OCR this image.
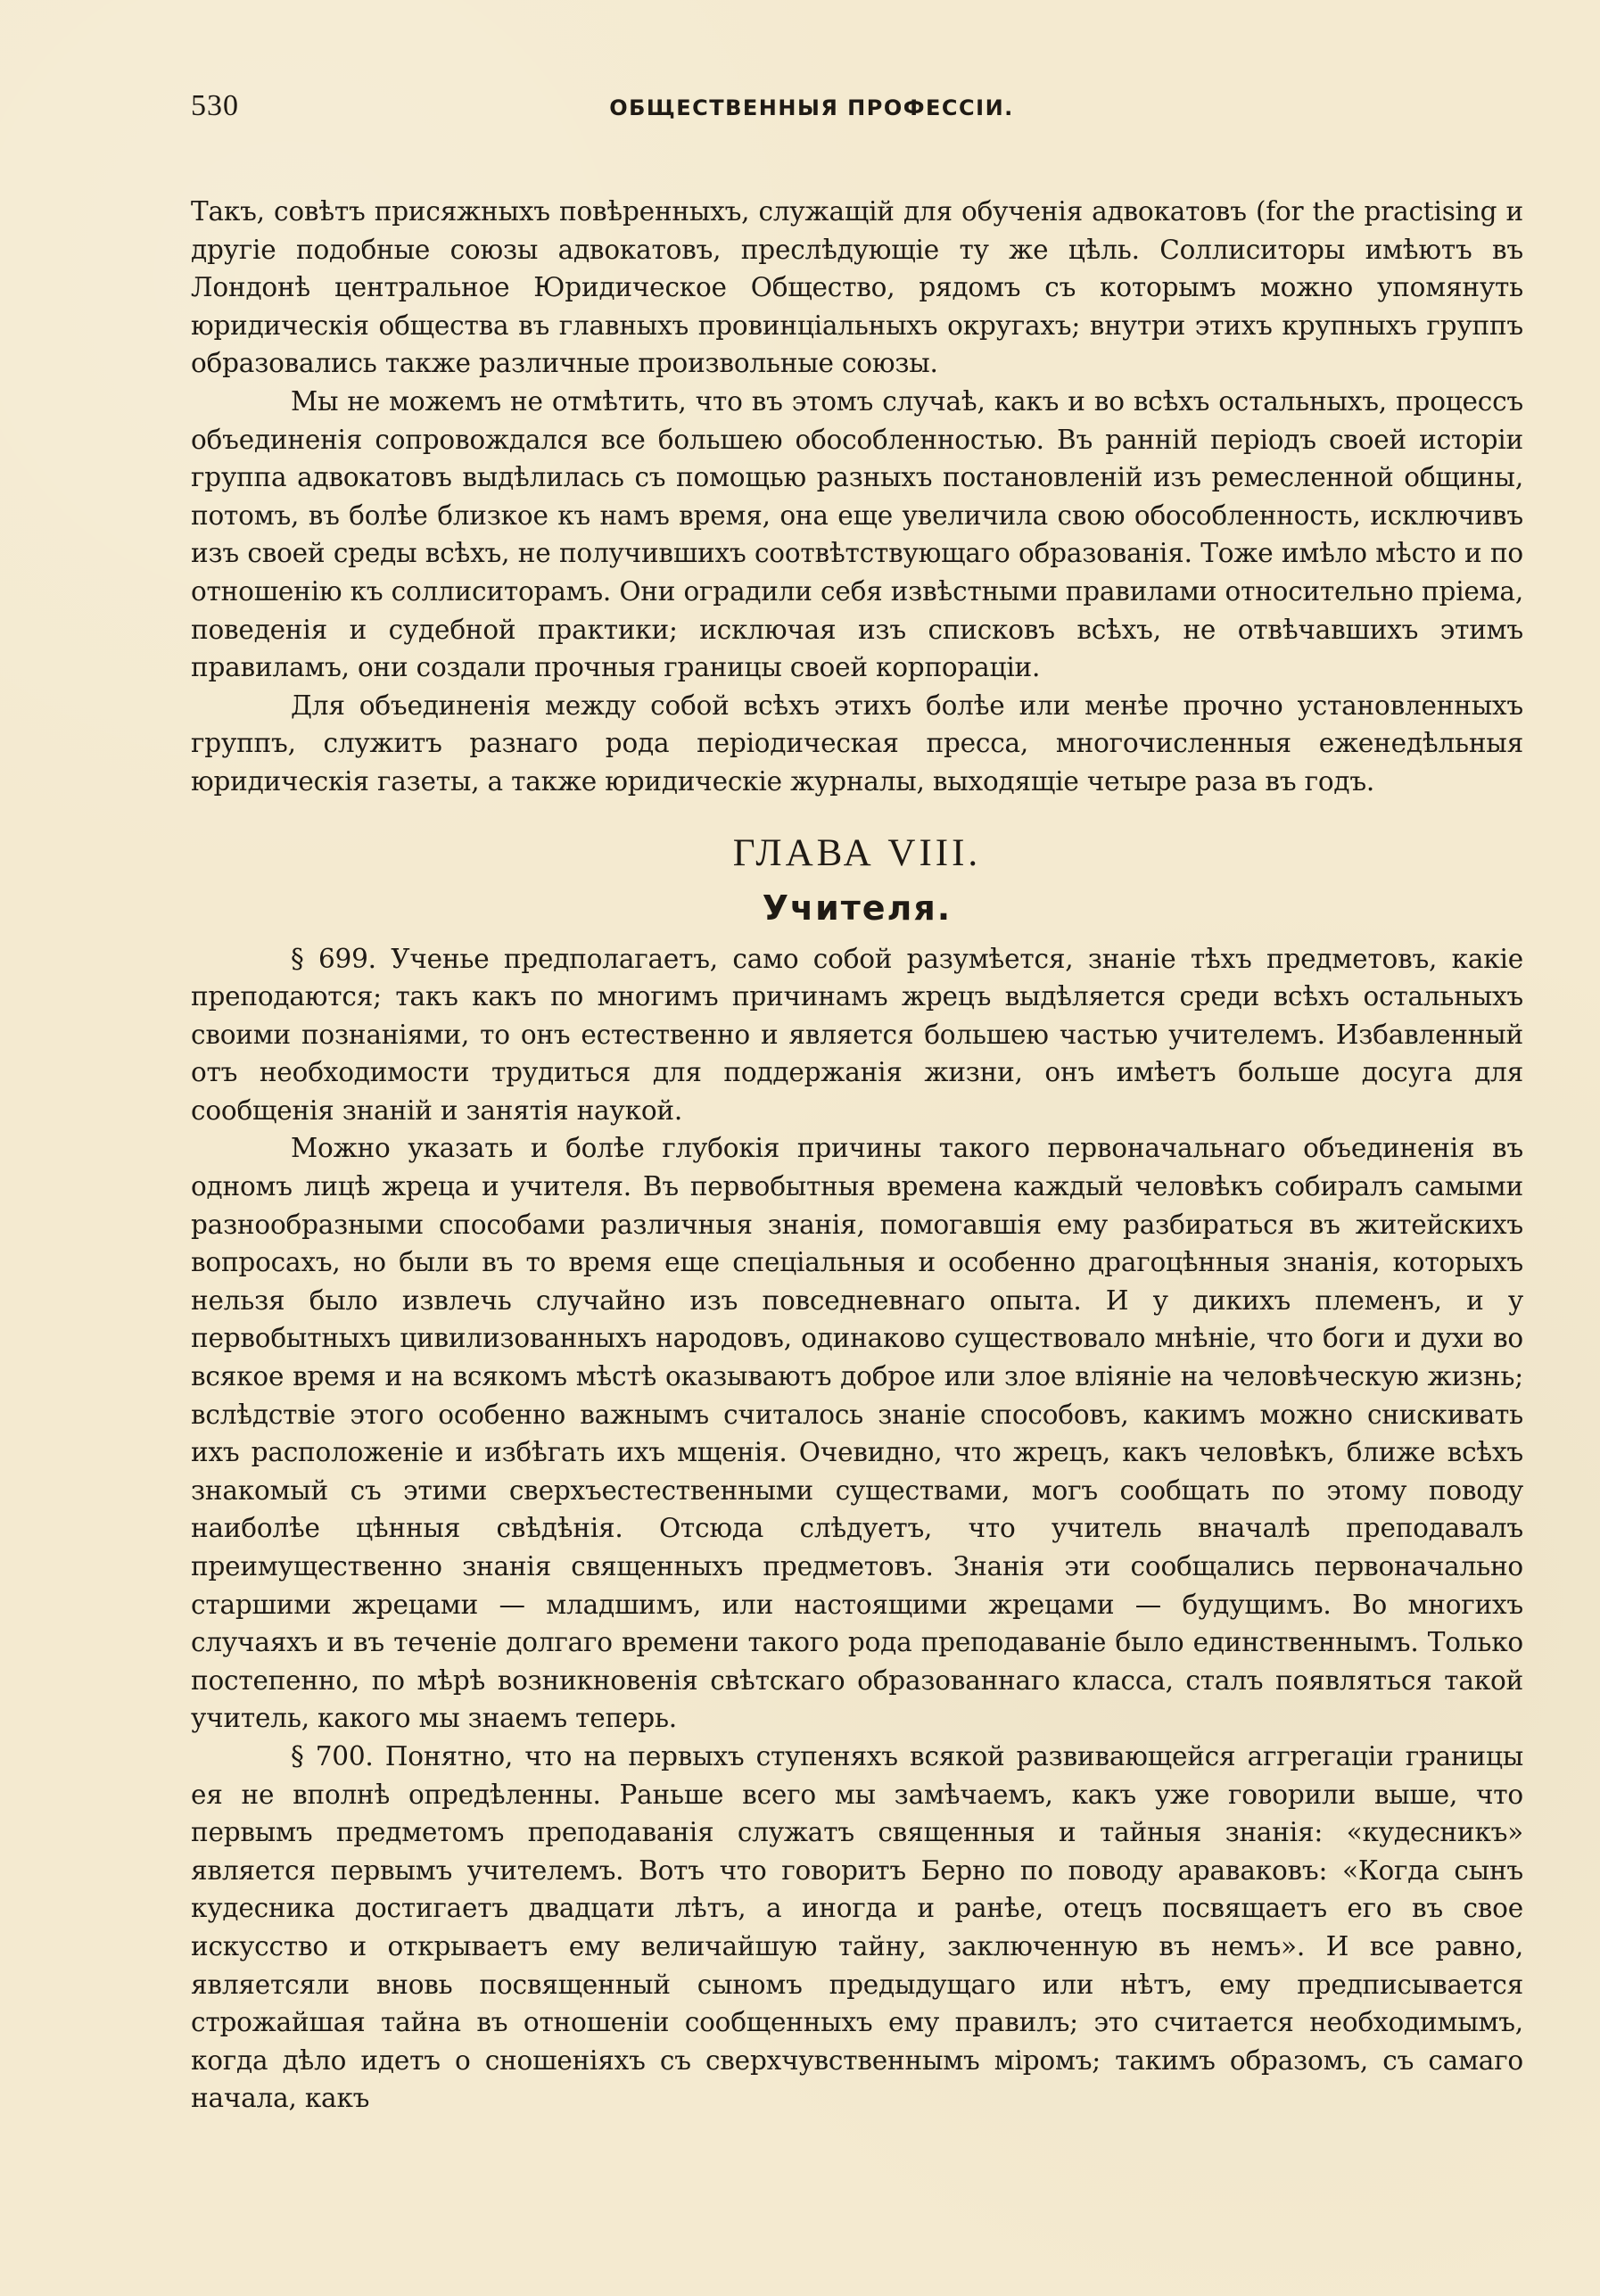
530	ОБЩЕСТВЕННЫЯ ПРОФЕССІИ.

Такъ, совѣтъ присяжныхъ повѣренныхъ, служащій для обученія адвокатовъ (for the practising и другіе подобные союзы адвокатовъ, преслѣдующіе ту же цѣль. Соллиситоры имѣютъ въ Лондонѣ центральное Юридическое Общество, рядомъ съ которымъ можно упомянуть юридическія общества въ главныхъ провинціальныхъ округахъ; внутри этихъ крупныхъ группъ образовались также различные произвольные союзы.

Мы не можемъ не отмѣтить, что въ этомъ случаѣ, какъ и во всѣхъ остальныхъ, процессъ объединенія сопровождался все большею обособленностью. Въ ранній періодъ своей исторіи группа адвокатовъ выдѣлилась съ помощью разныхъ постановленій изъ ремесленной общины, потомъ, въ болѣе близкое къ намъ время, она еще увеличила свою обособленность, исключивъ изъ своей среды всѣхъ, не получившихъ соотвѣтствующаго образованія. Тоже имѣло мѣсто и по отношенію къ соллиситорамъ. Они оградили себя извѣстными правилами относительно пріема, поведенія и судебной практики; исключая изъ списковъ всѣхъ, не отвѣчавшихъ этимъ правиламъ, они создали прочныя границы своей корпораціи.

Для объединенія между собой всѣхъ этихъ болѣе или менѣе прочно установленныхъ группъ, служитъ разнаго рода періодическая пресса, многочисленныя еженедѣльныя юридическія газеты, а также юридическіе журналы, выходящіе четыре раза въ годъ.

ГЛАВА VIII.
Учителя.

§ 699. Ученье предполагаетъ, само собой разумѣется, знаніе тѣхъ предметовъ, какіе преподаются; такъ какъ по многимъ причинамъ жрецъ выдѣляется среди всѣхъ остальныхъ своими познаніями, то онъ естественно и является большею частью учителемъ. Избавленный отъ необходимости трудиться для поддержанія жизни, онъ имѣетъ больше досуга для сообщенія знаній и занятія наукой.

Можно указать и болѣе глубокія причины такого первоначальнаго объединенія въ одномъ лицѣ жреца и учителя. Въ первобытныя времена каждый человѣкъ собиралъ самыми разнообразными способами различныя знанія, помогавшія ему разбираться въ житейскихъ вопросахъ, но были въ то время еще спеціальныя и особенно драгоцѣнныя знанія, которыхъ нельзя было извлечь случайно изъ повседневнаго опыта. И у дикихъ племенъ, и у первобытныхъ цивилизованныхъ народовъ, одинаково существовало мнѣніе, что боги и духи во всякое время и на всякомъ мѣстѣ оказываютъ доброе или злое вліяніе на человѣческую жизнь; вслѣдствіе этого особенно важнымъ считалось знаніе способовъ, какимъ можно снискивать ихъ расположеніе и избѣгать ихъ мщенія. Очевидно, что жрецъ, какъ человѣкъ, ближе всѣхъ знакомый съ этими сверхъестественными существами, могъ сообщать по этому поводу наиболѣе цѣнныя свѣдѣнія. Отсюда слѣдуетъ, что учитель вначалѣ преподавалъ преимущественно знанія священныхъ предметовъ. Знанія эти сообщались первоначально старшими жрецами — младшимъ, или настоящими жрецами — будущимъ. Во многихъ случаяхъ и въ теченіе долгаго времени такого рода преподаваніе было единственнымъ. Только постепенно, по мѣрѣ возникновенія свѣтскаго образованнаго класса, сталъ появляться такой учитель, какого мы знаемъ теперь.

§ 700. Понятно, что на первыхъ ступеняхъ всякой развивающейся аггрегаціи границы ея не вполнѣ опредѣленны. Раньше всего мы замѣчаемъ, какъ уже говорили выше, что первымъ предметомъ преподаванія служатъ священныя и тайныя знанія: «кудесникъ» является первымъ учителемъ. Вотъ что говоритъ Берно по поводу араваковъ: «Когда сынъ кудесника достигаетъ двадцати лѣтъ, а иногда и ранѣе, отецъ посвящаетъ его въ свое искусство и открываетъ ему величайшую тайну, заключенную въ немъ». И все равно, являетсяли вновь посвященный сыномъ предыдущаго или нѣтъ, ему предписывается строжайшая тайна въ отношеніи сообщенныхъ ему правилъ; это считается необходимымъ, когда дѣло идетъ о сношеніяхъ съ сверхчувственнымъ міромъ; такимъ образомъ, съ самаго начала, какъ
